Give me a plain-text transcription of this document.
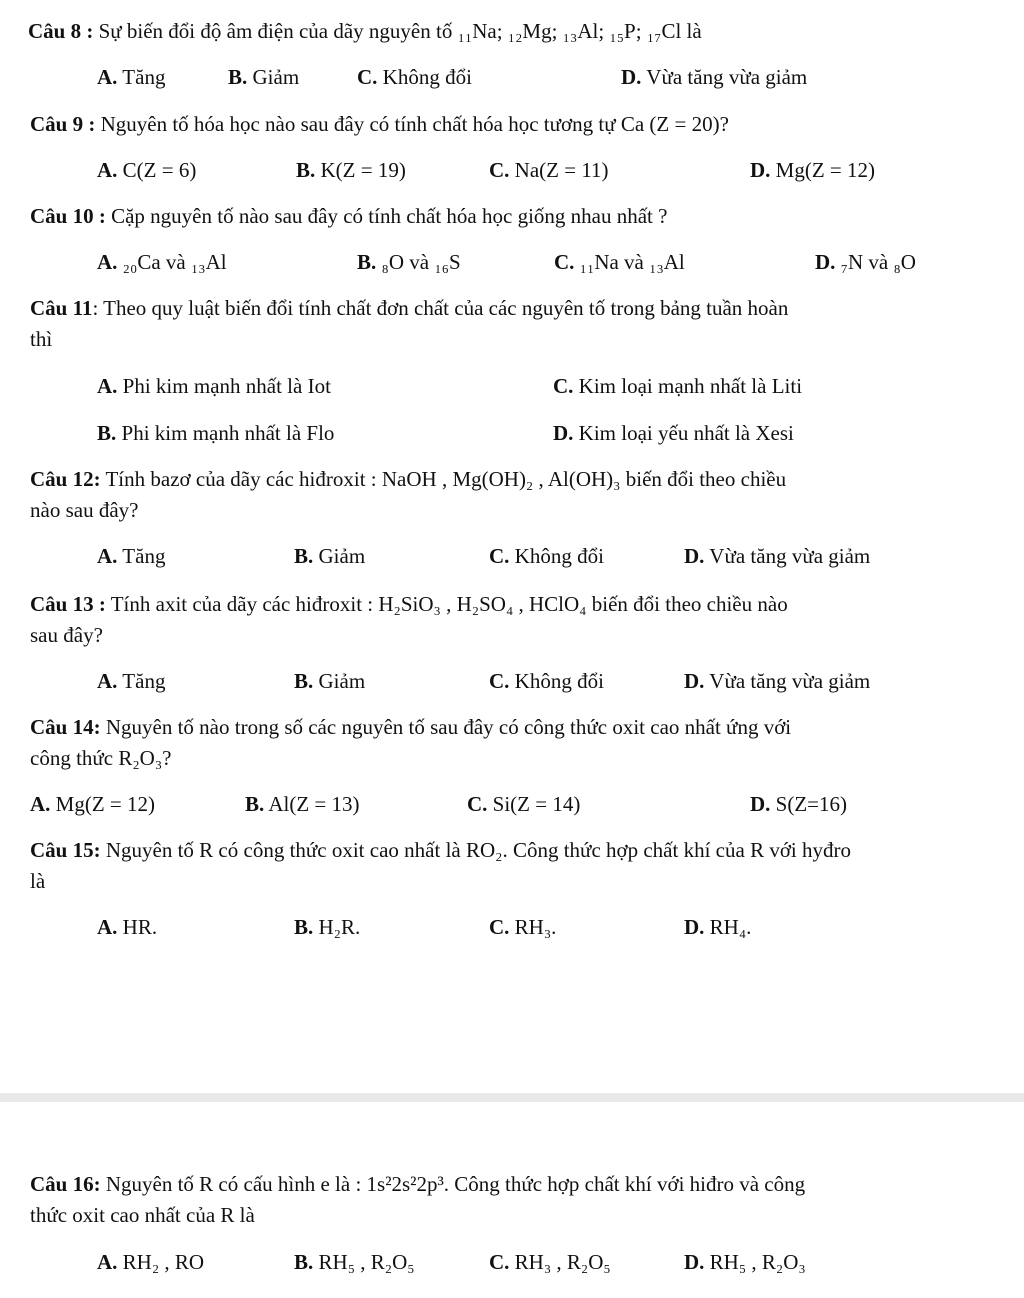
Câu 8 : Sự biến đổi độ âm điện của dãy nguyên tố ₁₁Na; ₁₂Mg; ₁₃Al; ₁₅P; ₁₇Cl là
A. Tăng	B. Giảm	C. Không đổi	D. Vừa tăng vừa giảm
Câu 9 : Nguyên tố hóa học nào sau đây có tính chất hóa học tương tự Ca (Z = 20)?
A. C(Z = 6)	B. K(Z = 19)	C. Na(Z = 11)	D. Mg(Z = 12)
Câu 10 : Cặp nguyên tố nào sau đây có tính chất hóa học giống nhau nhất ?
A. ₂₀Ca và ₁₃Al	B. ₈O và ₁₆S	C. ₁₁Na và ₁₃Al	D. ₇N và ₈O
Câu 11: Theo quy luật biến đổi tính chất đơn chất của các nguyên tố trong bảng tuần hoàn
thì
A. Phi kim mạnh nhất là Iot	C. Kim loại mạnh nhất là Liti
B. Phi kim mạnh nhất là Flo	D. Kim loại yếu nhất là Xesi
Câu 12: Tính bazơ của dãy các hiđroxit : NaOH , Mg(OH)₂ , Al(OH)₃ biến đổi theo chiều
nào sau đây?
A. Tăng	B. Giảm	C. Không đổi	D. Vừa tăng vừa giảm
Câu 13 : Tính axit của dãy các hiđroxit : H₂SiO₃ , H₂SO₄ , HClO₄ biến đổi theo chiều nào
sau đây?
A. Tăng	B. Giảm	C. Không đổi	D. Vừa tăng vừa giảm
Câu 14: Nguyên tố nào trong số các nguyên tố sau đây có công thức oxit cao nhất ứng với
công thức R₂O₃?
A. Mg(Z = 12)	B. Al(Z = 13)	C. Si(Z = 14)	D. S(Z=16)
Câu 15: Nguyên tố R có công thức oxit cao nhất là RO₂. Công thức hợp chất khí của R với hyđro
là
A. HR.	B. H₂R.	C. RH₃.	D. RH₄.
Câu 16: Nguyên tố R có cấu hình e là : 1s²2s²2p³. Công thức hợp chất khí với hiđro và công
thức oxit cao nhất của R là
A. RH₂ , RO	B. RH₅ , R₂O₅	C. RH₃ , R₂O₅	D. RH₅ , R₂O₃
